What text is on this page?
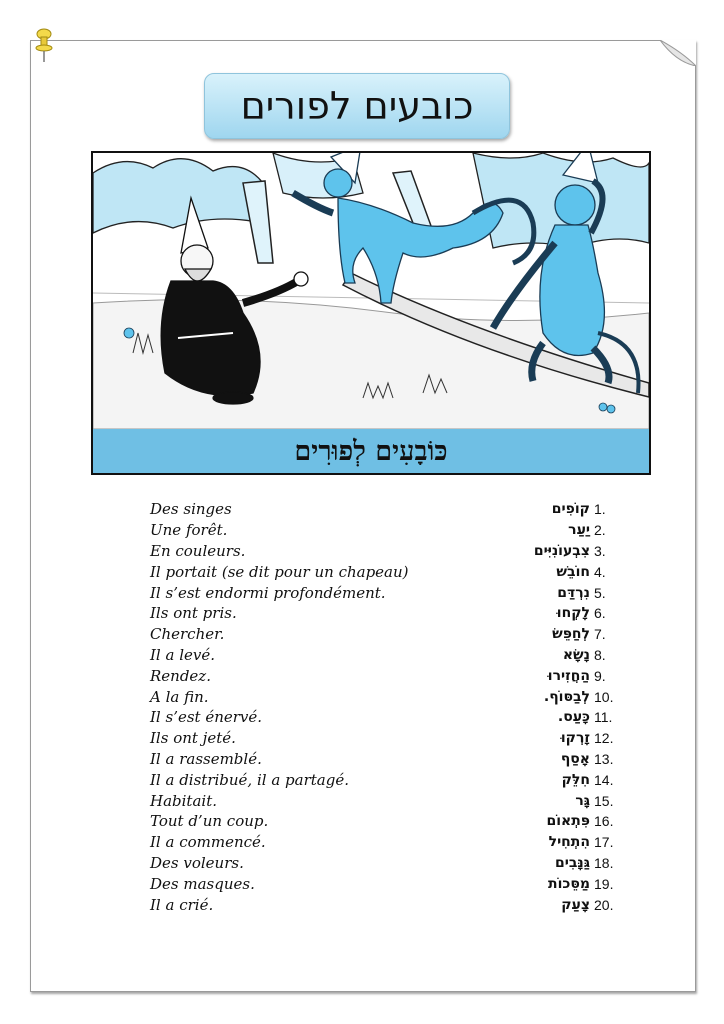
כובעים לפורים
כּוֹבָעִים לְפוּרִים
Des singes	קוֹפִים 1.
Une forêt.	יַעַר 2.
En couleurs.	צִבְעוֹנִיִּים 3.
Il portait (se dit pour un chapeau)	חוֹבֵשׁ 4.
Il s’est endormi profondément.	נִרְדַּם 5.
Ils ont pris.	לָקְחוּ 6.
Chercher.	לְחַפֵּשׂ 7.
Il a levé.	נָשָׂא 8.
Rendez.	הַחֲזִירוּ 9.
A la fin.	לְבַסּוֹף. 10.
Il s’est énervé.	כָּעַס. 11.
Ils ont jeté.	זָרְקוּ 12.
Il a rassemblé.	אָסַף 13.
Il a distribué, il a partagé.	חִלֵּק 14.
Habitait.	גָּר 15.
Tout d’un coup.	פִּתְאוֹם 16.
Il a commencé.	הִתְחִיל 17.
Des voleurs.	גַּנָּבִים 18.
Des masques.	מַסֵּכוֹת 19.
Il a crié.	צָעַק 20.
